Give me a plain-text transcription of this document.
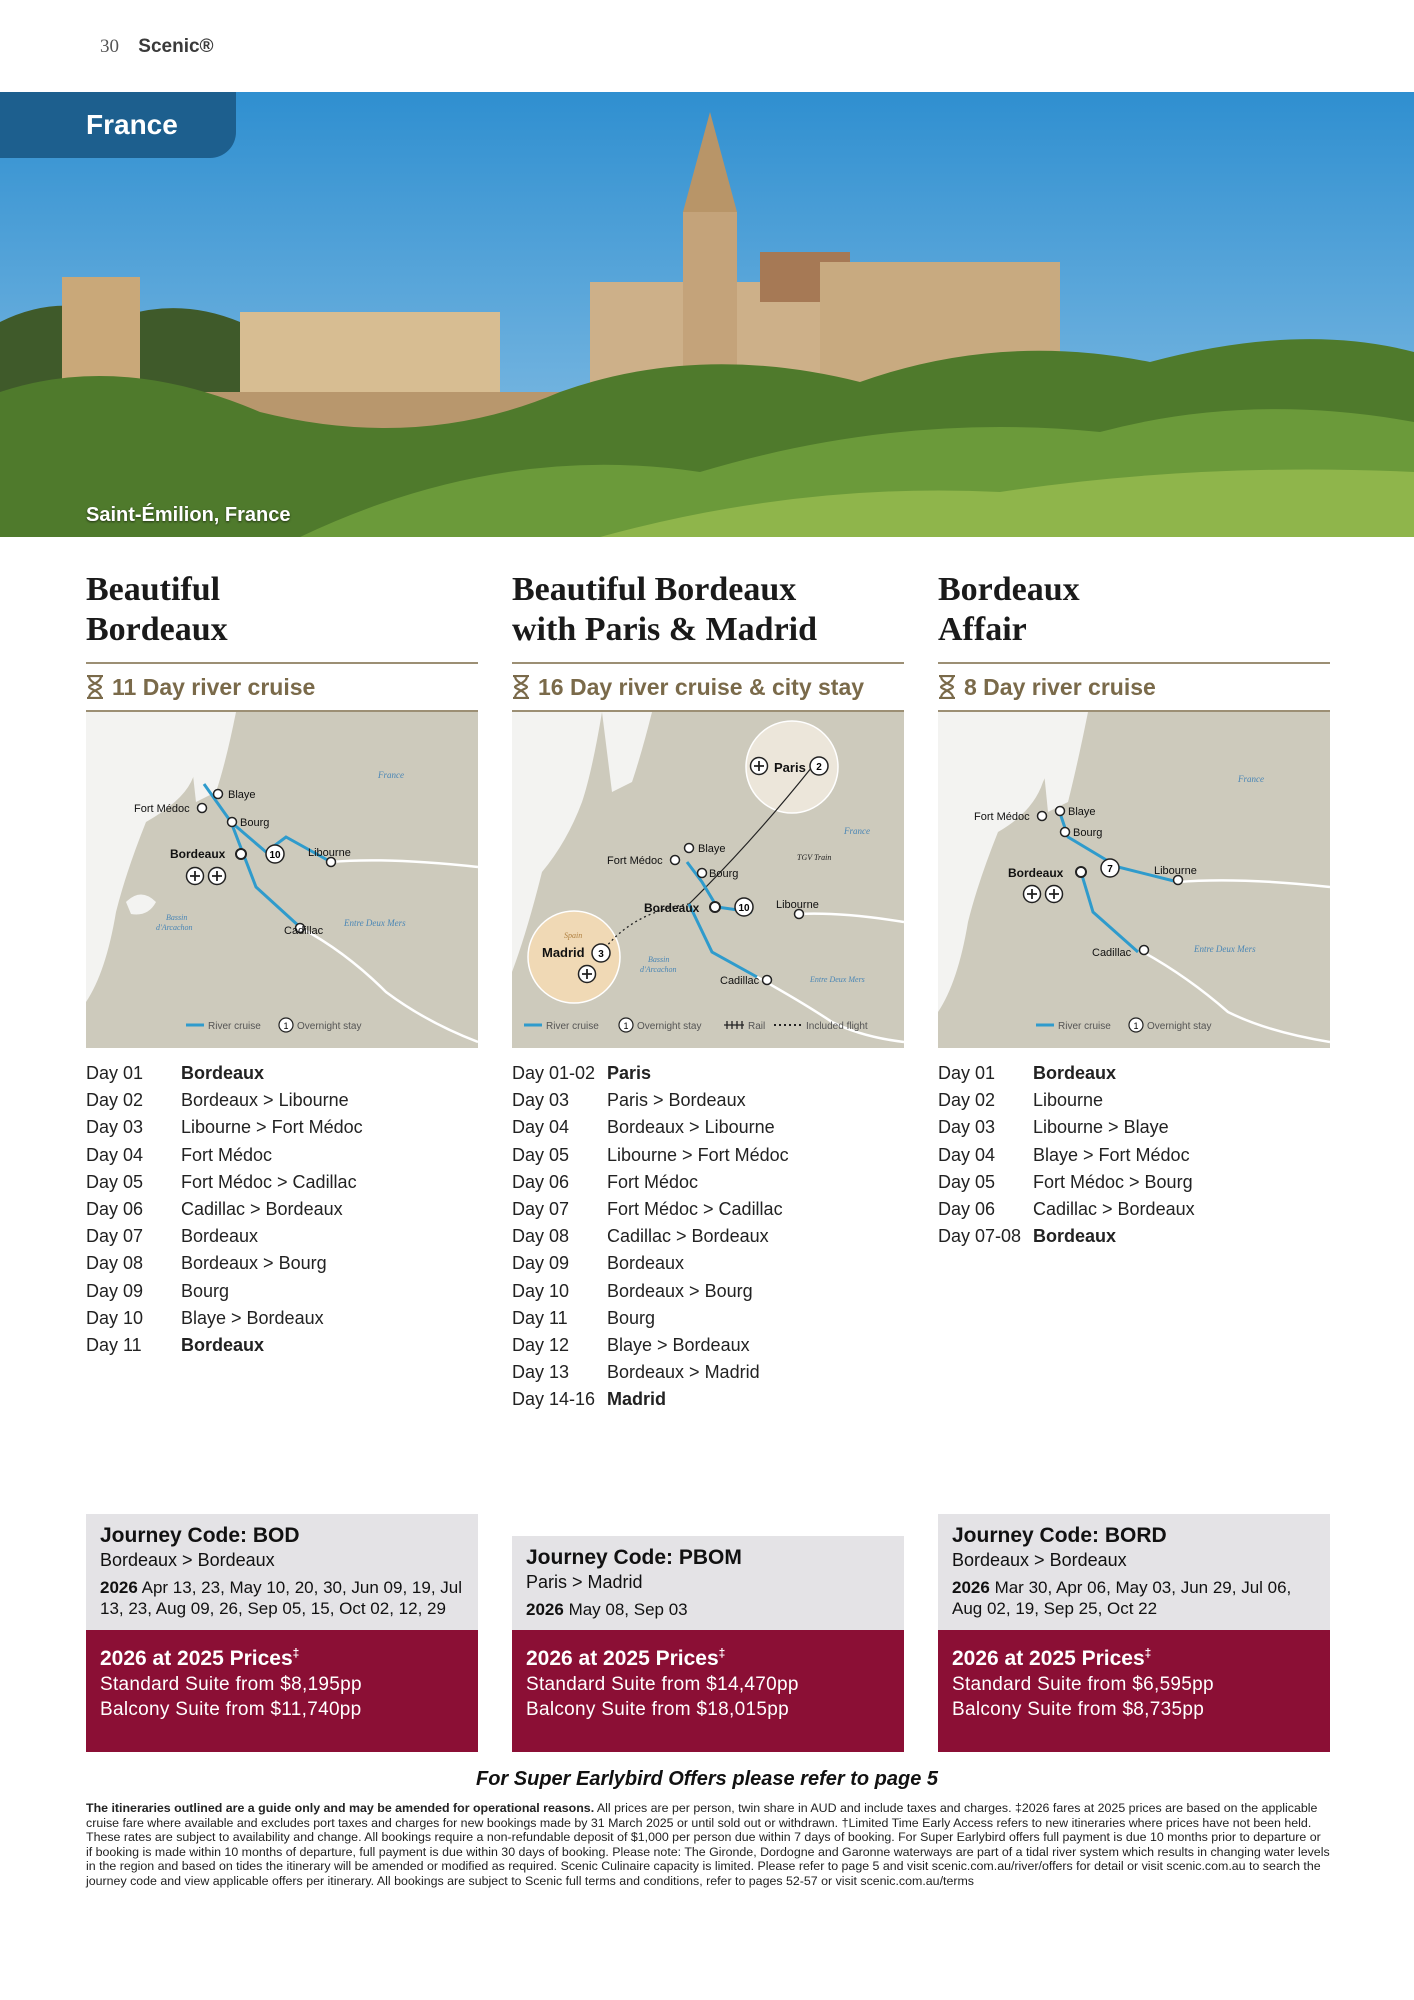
30 Scenic®
France
Saint-Émilion, France
Beautiful
Bordeaux
11 Day river cruise
Blaye
Fort Médoc
Bourg
Bordeaux	Libourne
Cadillac
France
Bassin
d'Arcachon	Entre Deux Mers
10
River cruise	1 Overnight stay
Day 01	Bordeaux
Day 02	Bordeaux > Libourne
Day 03	Libourne > Fort Médoc
Day 04	Fort Médoc
Day 05	Fort Médoc > Cadillac
Day 06	Cadillac > Bordeaux
Day 07	Bordeaux
Day 08	Bordeaux > Bourg
Day 09	Bourg
Day 10	Blaye > Bordeaux
Day 11	Bordeaux
Beautiful Bordeaux
with Paris & Madrid
16 Day river cruise & city stay
Paris
Blaye
Fort Médoc
Bourg
Bordeaux	Libourne
Madrid
Cadillac
France
Spain
Bassin
d'Arcachon
Entre Deux Mers
TGV Train
10
2
3
River cruise	1 Overnight stay	Rail	Included flight
Day 01-02 Paris
Day 03	Paris > Bordeaux
Day 04	Bordeaux > Libourne
Day 05	Libourne > Fort Médoc
Day 06	Fort Médoc
Day 07	Fort Médoc > Cadillac
Day 08	Cadillac > Bordeaux
Day 09	Bordeaux
Day 10	Bordeaux > Bourg
Day 11	Bourg
Day 12	Blaye > Bordeaux
Day 13	Bordeaux > Madrid
Day 14-16 Madrid
Bordeaux
Affair
8 Day river cruise
Blaye
Fort Médoc
Bourg
Bordeaux	Libourne
Cadillac
France
Entre Deux Mers
7
River cruise	1 Overnight stay
Day 01	Bordeaux
Day 02	Libourne
Day 03	Libourne > Blaye
Day 04	Blaye > Fort Médoc
Day 05	Fort Médoc > Bourg
Day 06	Cadillac > Bordeaux
Day 07-08 Bordeaux
Journey Code: BOD
Bordeaux > Bordeaux
2026 Apr 13, 23, May 10, 20, 30, Jun 09, 19, Jul 13, 23, Aug 09, 26, Sep 05, 15, Oct 02, 12, 29
Journey Code: PBOM
Paris > Madrid
2026 May 08, Sep 03
Journey Code: BORD
Bordeaux > Bordeaux
2026 Mar 30, Apr 06, May 03, Jun 29, Jul 06, Aug 02, 19, Sep 25, Oct 22
2026 at 2025 Prices‡
Standard Suite from $8,195pp
Balcony Suite from $11,740pp
2026 at 2025 Prices‡
Standard Suite from $14,470pp
Balcony Suite from $18,015pp
2026 at 2025 Prices‡
Standard Suite from $6,595pp
Balcony Suite from $8,735pp
For Super Earlybird Offers please refer to page 5
The itineraries outlined are a guide only and may be amended for operational reasons. All prices are per person, twin share in AUD and include taxes and charges. ‡2026 fares at 2025 prices are based on the applicable cruise fare where available and excludes port taxes and charges for new bookings made by 31 March 2025 or until sold out or withdrawn. †Limited Time Early Access refers to new itineraries where prices have not been held. These rates are subject to availability and change. All bookings require a non-refundable deposit of $1,000 per person due within 7 days of booking. For Super Earlybird offers full payment is due 10 months prior to departure or if booking is made within 10 months of departure, full payment is due within 30 days of booking. Please note: The Gironde, Dordogne and Garonne waterways are part of a tidal river system which results in changing water levels in the region and based on tides the itinerary will be amended or modified as required. Scenic Culinaire capacity is limited. Please refer to page 5 and visit scenic.com.au/river/offers for detail or visit scenic.com.au to search the journey code and view applicable offers per itinerary. All bookings are subject to Scenic full terms and conditions, refer to pages 52-57 or visit scenic.com.au/terms
